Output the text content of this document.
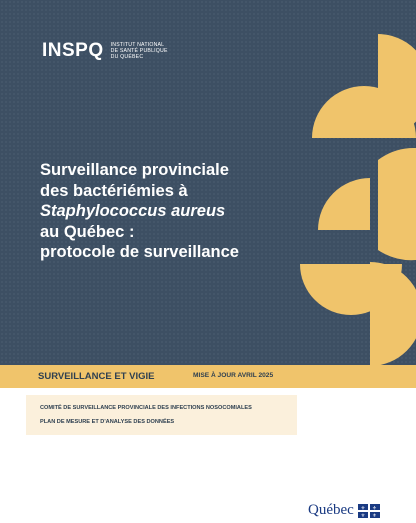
INSPQ INSTITUT NATIONAL
DE SANTÉ PUBLIQUE
DU QUÉBEC
Surveillance provinciale
des bactériémies à
Staphylococcus aureus
au Québec :
protocole de surveillance
SURVEILLANCE ET VIGIE	MISE À JOUR AVRIL 2025
COMITÉ DE SURVEILLANCE PROVINCIALE DES INFECTIONS NOSOCOMIALES
PLAN DE MESURE ET D'ANALYSE DES DONNÉES
Québec ⚜ ⚜
⚜ ⚜
